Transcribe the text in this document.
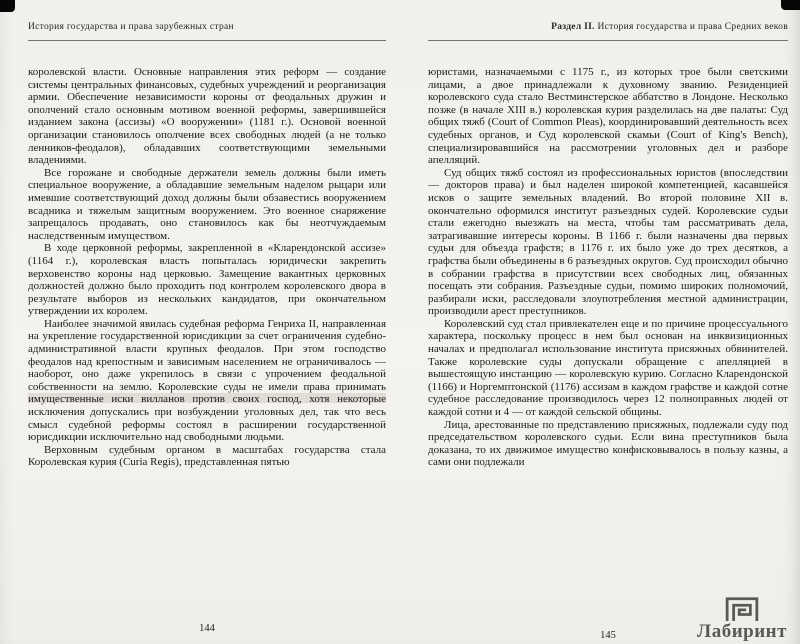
История государства и права зарубежных стран

королевской власти. Основные направления этих реформ — создание системы центральных финансовых, судебных учреждений и реорганизация армии. Обеспечение независимости короны от феодальных дружин и ополчений стало основным мотивом военной реформы, завершившейся изданием закона (ассизы) «О вооружении» (1181 г.). Основой военной организации становилось ополчение всех свободных людей (а не только ленников-феодалов), обладавших соответствующими земельными владениями.

Все горожане и свободные держатели земель должны были иметь специальное вооружение, а обладавшие земельным наделом рыцари или имевшие соответствующий доход должны были обзавестись вооружением всадника и тяжелым защитным вооружением. Это военное снаряжение запрещалось продавать, оно становилось как бы неотчуждаемым наследственным имуществом.

В ходе церковной реформы, закрепленной в «Кларендонской ассизе» (1164 г.), королевская власть попыталась юридически закрепить верховенство короны над церковью. Замещение вакантных церковных должностей должно было проходить под контролем королевского двора в результате выборов из нескольких кандидатов, при окончательном утверждении их королем.

Наиболее значимой явилась судебная реформа Генриха II, направленная на укрепление государственной юрисдикции за счет ограничения судебно-административной власти крупных феодалов. При этом господство феодалов над крепостным и зависимым населением не ограничивалось — наоборот, оно даже укрепилось в связи с упрочением феодальной собственности на землю. Королевские суды не имели права принимать имущественные иски вилланов против своих господ, хотя некоторые исключения допускались при возбуждении уголовных дел, так что весь смысл судебной реформы состоял в расширении государственной юрисдикции исключительно над свободными людьми.

Верховным судебным органом в масштабах государства стала Королевская курия (Curia Regis), представленная пятью

144
Раздел II. История государства и права Средних веков

юристами, назначаемыми с 1175 г., из которых трое были светскими лицами, а двое принадлежали к духовному званию. Резиденцией королевского суда стало Вестминстерское аббатство в Лондоне. Несколько позже (в начале XIII в.) королевская курия разделилась на две палаты: Суд общих тяжб (Court of Common Pleas), координировавший деятельность всех судебных органов, и Суд королевской скамьи (Court of King's Bench), специализировавшийся на рассмотрении уголовных дел и разборе апелляций.

Суд общих тяжб состоял из профессиональных юристов (впоследствии — докторов права) и был наделен широкой компетенцией, касавшейся исков о защите земельных владений. Во второй половине XII в. окончательно оформился институт разъездных судей. Королевские судьи стали ежегодно выезжать на места, чтобы там рассматривать дела, затрагивавшие интересы короны. В 1166 г. были назначены два первых судьи для объезда графств; в 1176 г. их было уже до трех десятков, а графства были объединены в 6 разъездных округов. Суд происходил обычно в собрании графства в присутствии всех свободных лиц, обязанных посещать эти собрания. Разъездные судьи, помимо широких полномочий, разбирали иски, расследовали злоупотребления местной администрации, производили арест преступников.

Королевский суд стал привлекателен еще и по причине процессуального характера, поскольку процесс в нем был основан на инквизиционных началах и предполагал использование института присяжных обвинителей. Также королевские суды допускали обращение с апелляцией в вышестоящую инстанцию — королевскую курию. Согласно Кларендонской (1166) и Норгемптонской (1176) ассизам в каждом графстве и каждой сотне судебное расследование производилось через 12 полноправных людей от каждой сотни и 4 — от каждой сельской общины.

Лица, арестованные по представлению присяжных, подлежали суду под председательством королевского судьи. Если вина преступников была доказана, то их движимое имущество конфисковывалось в пользу казны, а сами они подлежали

145	Лабиринт
